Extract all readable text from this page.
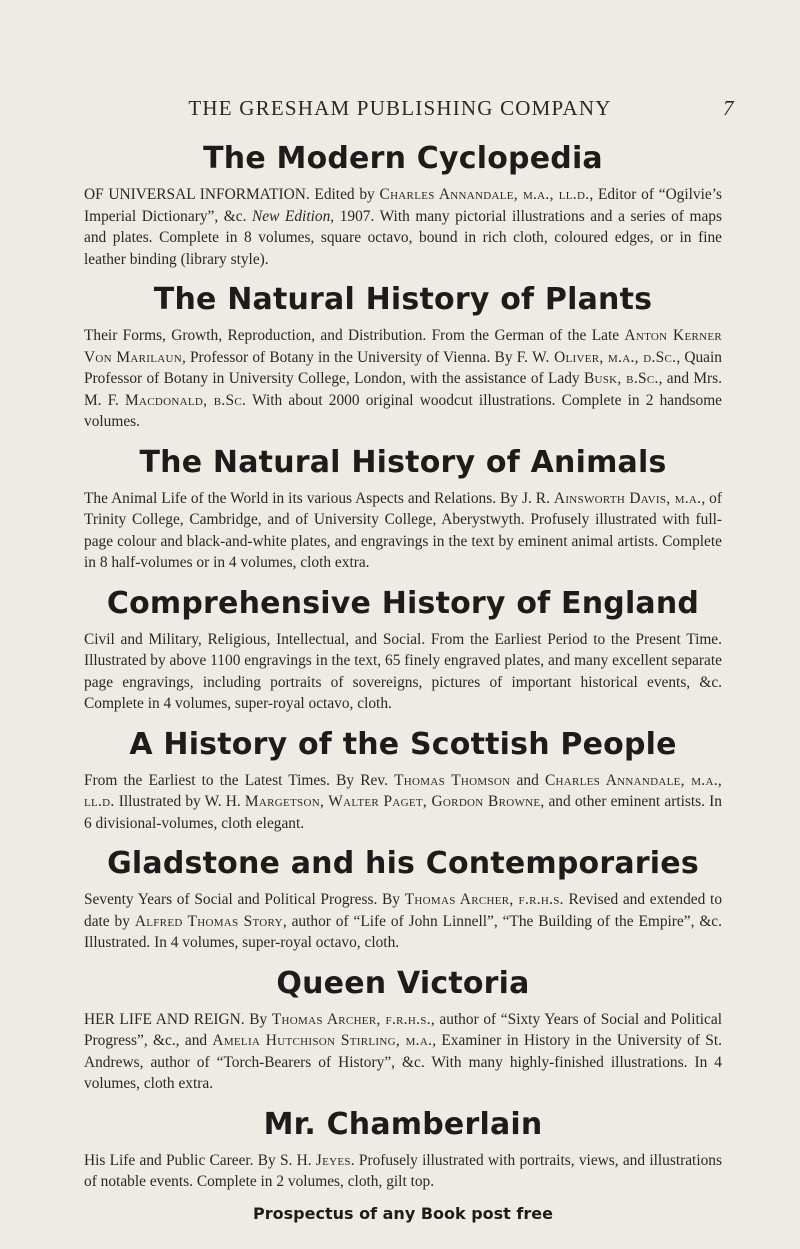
THE GRESHAM PUBLISHING COMPANY	7
The Modern Cyclopedia

OF UNIVERSAL INFORMATION. Edited by Charles Annandale, m.a., ll.d., Editor of “Ogilvie’s Imperial Dictionary”, &c. New Edition, 1907. With many pictorial illustrations and a series of maps and plates. Complete in 8 volumes, square octavo, bound in rich cloth, coloured edges, or in fine leather binding (library style).

The Natural History of Plants

Their Forms, Growth, Reproduction, and Distribution. From the German of the Late Anton Kerner Von Marilaun, Professor of Botany in the University of Vienna. By F. W. Oliver, m.a., d.Sc., Quain Professor of Botany in University College, London, with the assistance of Lady Busk, b.Sc., and Mrs. M. F. Macdonald, b.Sc. With about 2000 original woodcut illustrations. Complete in 2 handsome volumes.

The Natural History of Animals

The Animal Life of the World in its various Aspects and Relations. By J. R. Ainsworth Davis, m.a., of Trinity College, Cambridge, and of University College, Aberystwyth. Profusely illustrated with full-page colour and black-and-white plates, and engravings in the text by eminent animal artists. Complete in 8 half-volumes or in 4 volumes, cloth extra.

Comprehensive History of England

Civil and Military, Religious, Intellectual, and Social. From the Earliest Period to the Present Time. Illustrated by above 1100 engravings in the text, 65 finely engraved plates, and many excellent separate page engravings, including portraits of sovereigns, pictures of important historical events, &c. Complete in 4 volumes, super-royal octavo, cloth.

A History of the Scottish People

From the Earliest to the Latest Times. By Rev. Thomas Thomson and Charles Annandale, m.a., ll.d. Illustrated by W. H. Margetson, Walter Paget, Gordon Browne, and other eminent artists. In 6 divisional-volumes, cloth elegant.

Gladstone and his Contemporaries

Seventy Years of Social and Political Progress. By Thomas Archer, f.r.h.s. Revised and extended to date by Alfred Thomas Story, author of “Life of John Linnell”, “The Building of the Empire”, &c. Illustrated. In 4 volumes, super-royal octavo, cloth.

Queen Victoria

HER LIFE AND REIGN. By Thomas Archer, f.r.h.s., author of “Sixty Years of Social and Political Progress”, &c., and Amelia Hutchison Stirling, m.a., Examiner in History in the University of St. Andrews, author of “Torch-Bearers of History”, &c. With many highly-finished illustrations. In 4 volumes, cloth extra.

Mr. Chamberlain

His Life and Public Career. By S. H. Jeyes. Profusely illustrated with portraits, views, and illustrations of notable events. Complete in 2 volumes, cloth, gilt top.

Prospectus of any Book post free
